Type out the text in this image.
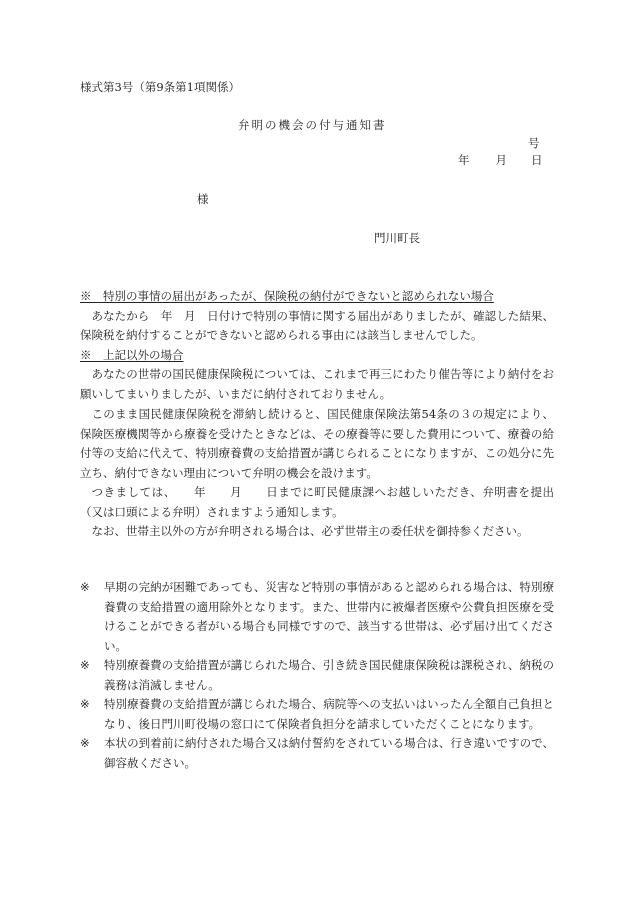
様式第3号（第9条第1項関係）
弁明の機会の付与通知書
号
年 月 日
様
門川町長

※　特別の事情の届出があったが、保険税の納付ができないと認められない場合

あなたから　年　月　日付けで特別の事情に関する届出がありましたが、確認した結果、保険税を納付することができないと認められる事由には該当しませんでした。

※　上記以外の場合

あなたの世帯の国民健康保険税については、これまで再三にわたり催告等により納付をお願いしてまいりましたが、いまだに納付されておりません。

このまま国民健康保険税を滞納し続けると、国民健康保険法第54条の３の規定により、保険医療機関等から療養を受けたときなどは、その療養等に要した費用について、療養の給付等の支給に代えて、特別療養費の支給措置が講じられることになりますが、この処分に先立ち、納付できない理由について弁明の機会を設けます。

つきましては、　　年　　月　　日までに町民健康課へお越しいただき、弁明書を提出（又は口頭による弁明）されますよう通知します。

なお、世帯主以外の方が弁明される場合は、必ず世帯主の委任状を御持参ください。

※	早期の完納が困難であっても、災害など特別の事情があると認められる場合は、特別療養費の支給措置の適用除外となります。また、世帯内に被爆者医療や公費負担医療を受けることができる者がいる場合も同様ですので、該当する世帯は、必ず届け出てください。
※	特別療養費の支給措置が講じられた場合、引き続き国民健康保険税は課税され、納税の義務は消滅しません。
※	特別療養費の支給措置が講じられた場合、病院等への支払いはいったん全額自己負担となり、後日門川町役場の窓口にて保険者負担分を請求していただくことになります。
※	本状の到着前に納付された場合又は納付誓約をされている場合は、行き違いですので、御容赦ください。
